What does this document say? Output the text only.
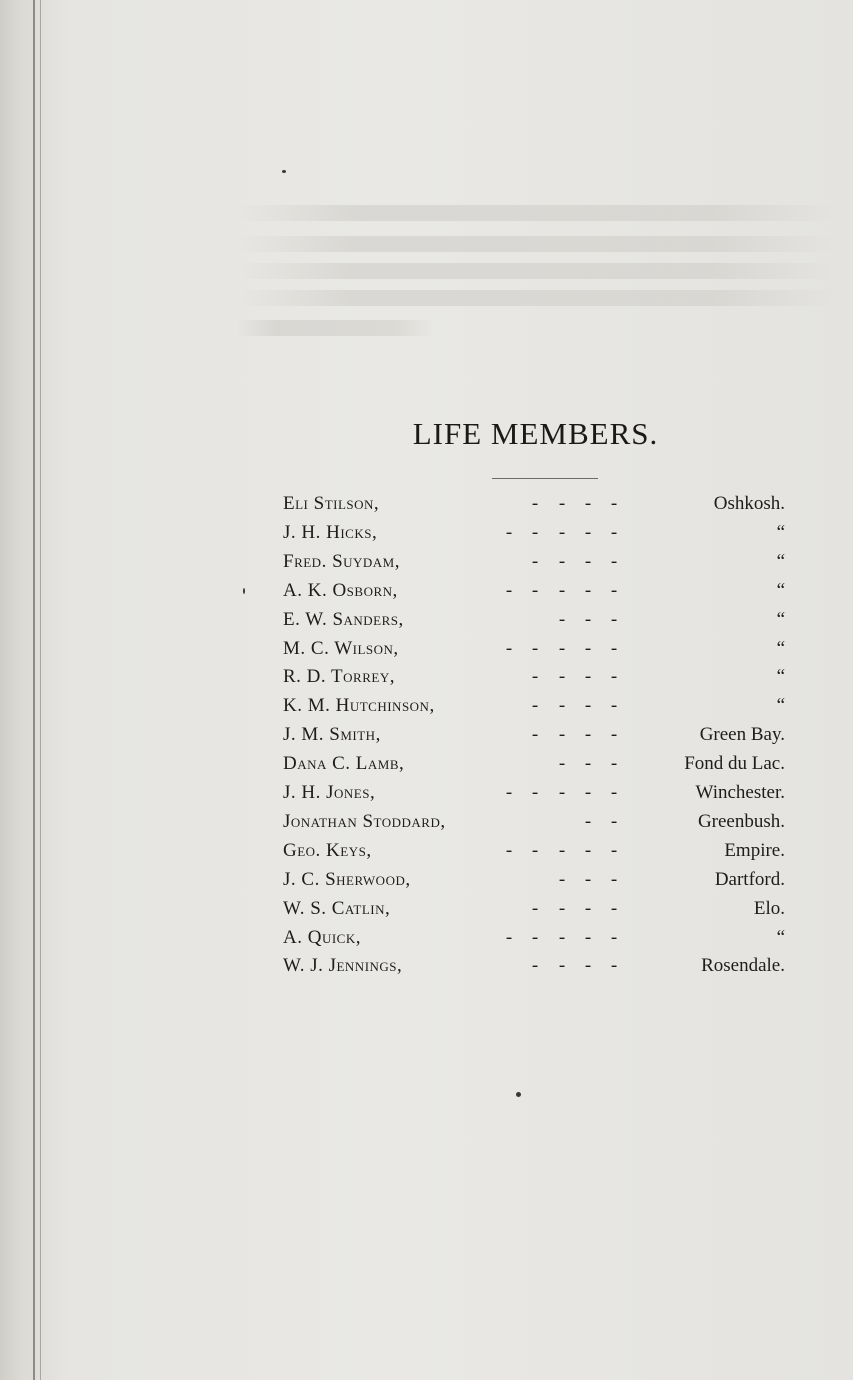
LIFE MEMBERS.
Eli Stilson,	- - - -	Oshkosh.
J. H. Hicks,	- - - - -	“
Fred. Suydam,	- - - -	“
A. K. Osborn,	- - - - -	“
E. W. Sanders,	- - -	“
M. C. Wilson,	- - - - -	“
R. D. Torrey,	- - - -	“
K. M. Hutchinson,	- - - -	“
J. M. Smith,	- - - -	Green Bay.
Dana C. Lamb,	- - -	Fond du Lac.
J. H. Jones,	- - - - -	Winchester.
Jonathan Stoddard,	- -	Greenbush.
Geo. Keys,	- - - - -	Empire.
J. C. Sherwood,	- - -	Dartford.
W. S. Catlin,	- - - -	Elo.
A. Quick,	- - - - -	“
W. J. Jennings,	- - - -	Rosendale.
